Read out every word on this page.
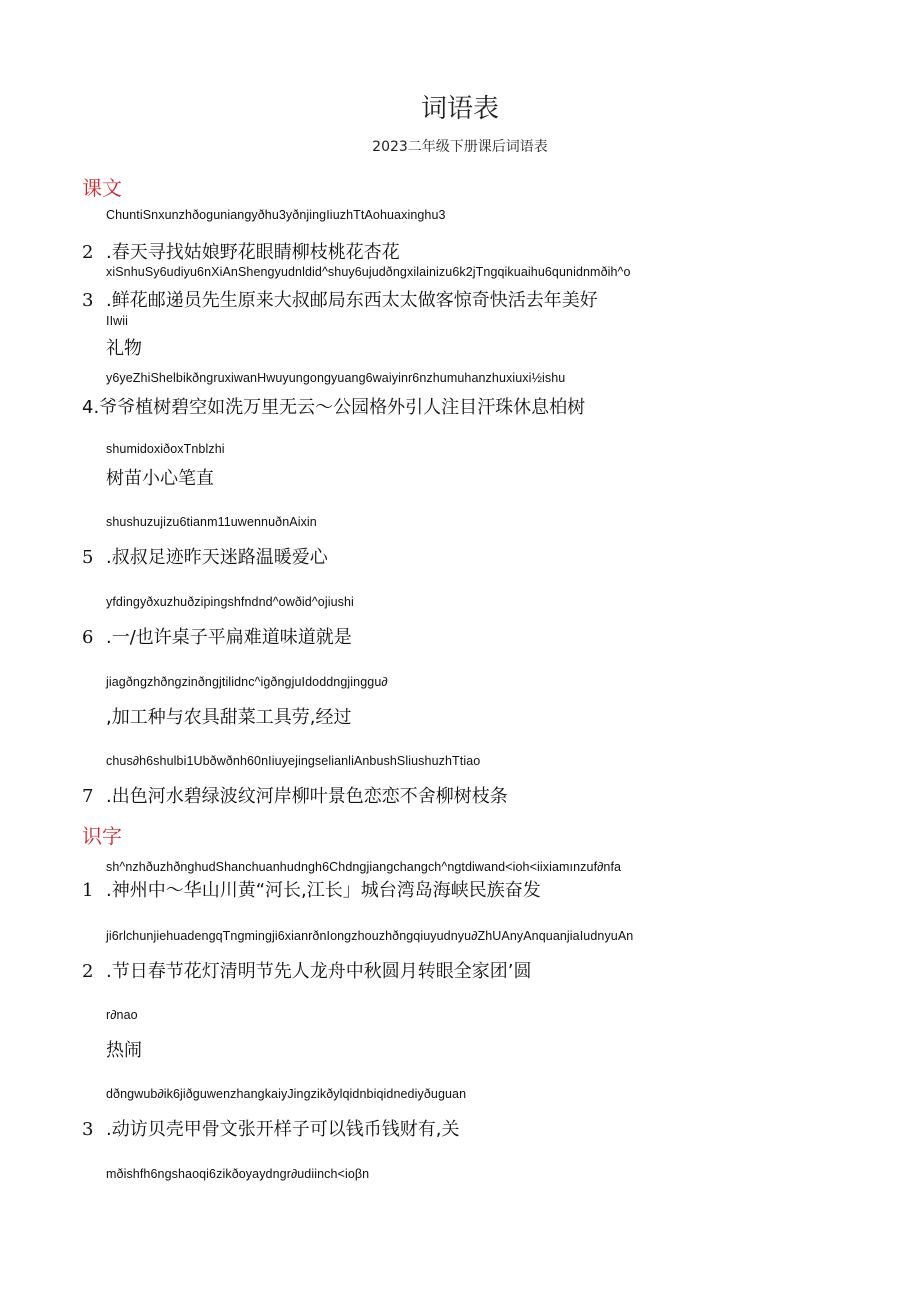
词语表
2023二年级下册课后词语表
课文
ChuntiSnxunzhðoguniangyðhu3yðnjingIiuzhTtAohuaxinghu3
2 .春天寻找姑娘野花眼睛柳枝桃花杏花
xiSnhuSy6udiyu6nXiAnShengyudnldid^shuy6ujudðngxilainizu6k2jTngqikuaihu6qunidnmðih^o
3 .鲜花邮递员先生原来大叔邮局东西太太做客惊奇快活去年美好
IIwii
礼物
y6yeZhiShelbikðngruxiwanHwuyungongyuang6waiyinr6nzhumuhanzhuxiuxi½ishu
4.爷爷植树碧空如洗万里无云～公园格外引人注目汗珠休息柏树
shumidoxiðoxTnblzhi
树苗小心笔直
shushuzujizu6tianm11uwennuðnAixin
5 .叔叔足迹昨天迷路温暖爱心
yfdingyðxuzhuðzipingshfndnd^owðid^ojiushi
6 .一/也许桌子平扁难道味道就是
jiagðngzhðngzinðngjtilidnc^igðngjuIdoddngjinggu∂
,加工种与农具甜菜工具劳,经过
chus∂h6shulbi1Ubðwðnh60nIiuyejingselianliAnbushSliushuzhTtiao
7 .出色河水碧绿波纹河岸柳叶景色恋恋不舍柳树枝条
识字
sh^nzhðuzhðnghudShanchuanhudngh6Chdngjiangchangch^ngtdiwand<ioh<iixiamınzuf∂nfa
1 .神州中～华山川黄“河长,江长」城台湾岛海峡民族奋发
ji6rlchunjiehuadengqTngmingji6xianrðnIongzhouzhðngqiuyudnyu∂ZhUAnyAnquanjiaIudnyuAn
2 .节日春节花灯清明节先人龙舟中秋圆月转眼全家团’圆
r∂nao
热闹
dðngwub∂ik6jiðguwenzhangkaiyJingzikðylqidnbiqidnediyðuguan
3 .动访贝壳甲骨文张开样子可以钱币钱财有,关
mðishfh6ngshaoqi6zikðoyaydngr∂udiinch<ioβn
